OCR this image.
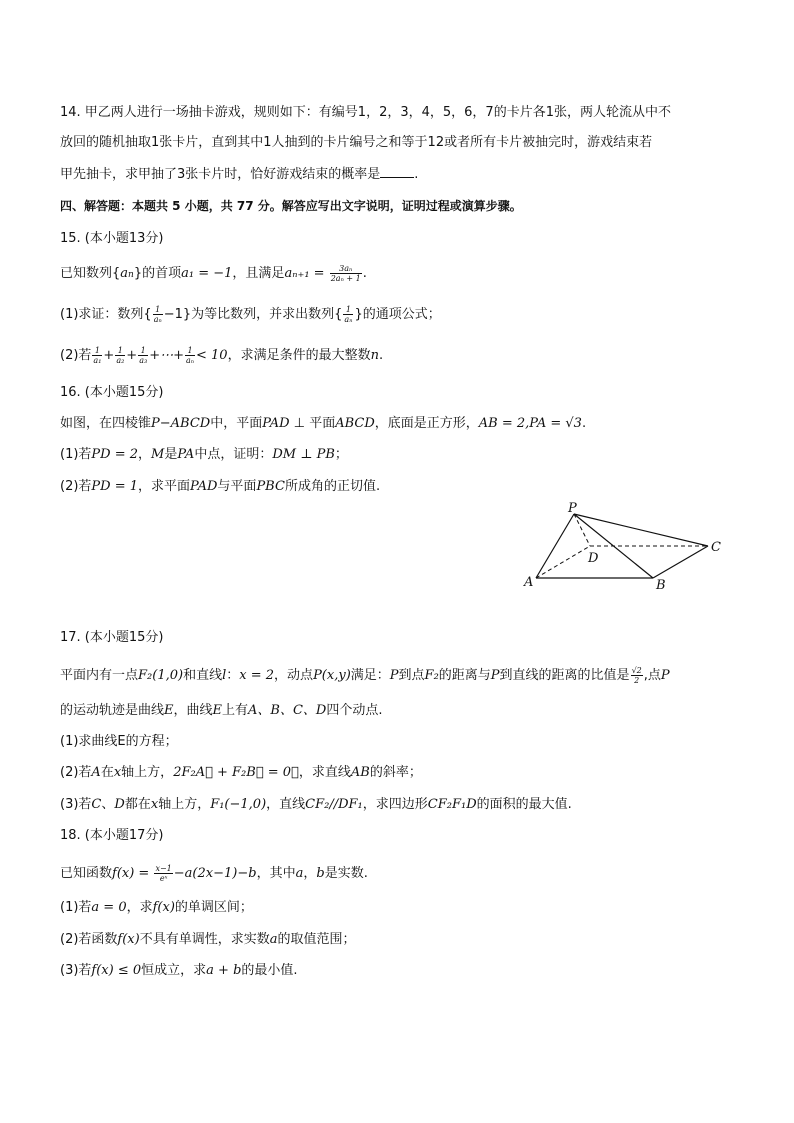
14. 甲乙两人进行一场抽卡游戏，规则如下：有编号1，2，3，4，5，6，7的卡片各1张，两人轮流从中不
放回的随机抽取1张卡片，直到其中1人抽到的卡片编号之和等于12或者所有卡片被抽完时，游戏结束若
甲先抽卡，求甲抽了3张卡片时，恰好游戏结束的概率是	.
四、解答题：本题共 5 小题，共 77 分。解答应写出文字说明，证明过程或演算步骤。
15. (本小题13分)
已知数列{an}的首项a₁ = −1，且满足$a_{n+1} = \frac{\text{3aₙ}}{\text{2aₙ + 1}}$ .
(1)求证：数列{ $\frac{1}{\text{aₙ}} -1$}为等比数列，并求出数列{ $\frac{1}{\text{aₙ}}$ }的通项公式；
(2)若 $\frac{1}{\text{a₁}} + \frac{1}{\text{a₂}} + \frac{1}{\text{a₃}}$ +⋯+ $\frac{1}{\text{aₙ}} < 10$，求满足条件的最大整数n.
16. (本小题15分)
如图，在四棱锥P−ABCD中，平面PAD ⊥ 平面ABCD，底面是正方形，AB = 2,PA = √3.
(1)若PD = 2，M是PA中点，证明：DM ⊥ PB；
(2)若PD = 1，求平面PAD与平面PBC所成角的正切值.
P
A	B
C
D
17. (本小题15分)
平面内有一点F₂(1,0)和直线l：x = 2，动点P(x,y)满足：P到点F₂的距离与P到直线的距离的比值是 $\frac{√2}{2}$ ,点P
的运动轨迹是曲线E，曲线E上有A、B、C、D四个动点.
(1)求曲线E的方程；
(2)若A在x轴上方，2F₂A⃗ + F₂B⃗ = 0⃗，求直线AB的斜率；
(3)若C、D都在x轴上方，F₁(−1,0)，直线CF₂//DF₁，求四边形CF₂F₁D的面积的最大值.
18. (本小题17分)
已知函数$f(x) = \frac{x-1}{\text{eˣ}} -a(2x-1)-b$，其中a，b是实数.
(1)若a = 0，求f(x)的单调区间；
(2)若函数f(x)不具有单调性，求实数a的取值范围；
(3)若f(x) ≤ 0恒成立，求a + b的最小值.
